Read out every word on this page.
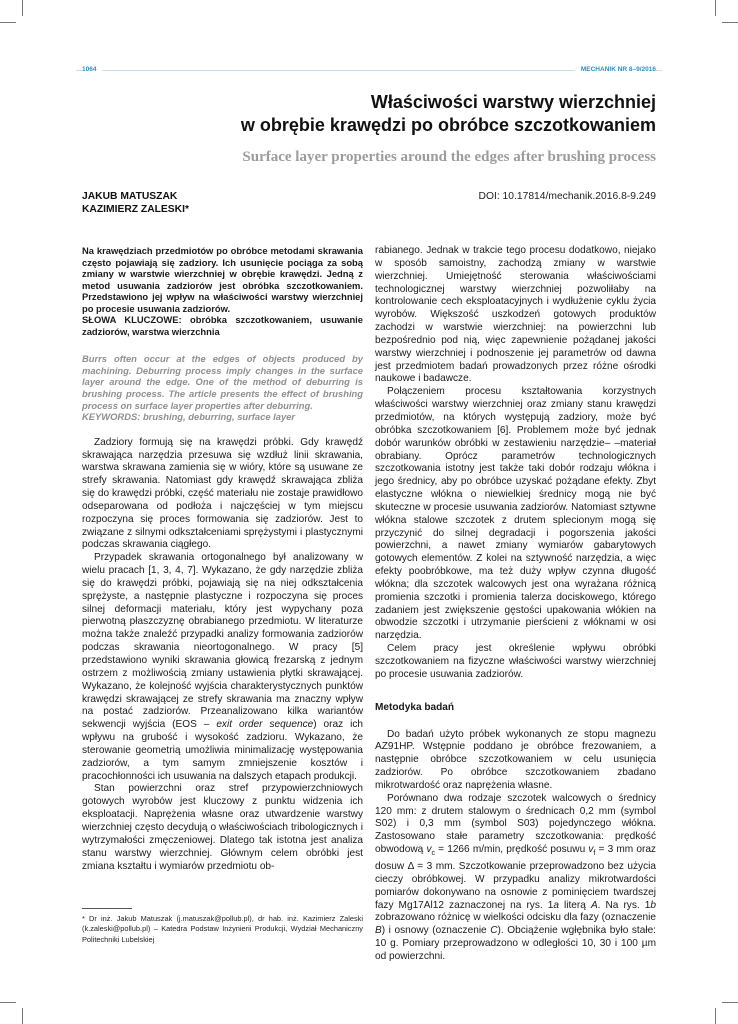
1064	MECHANIK NR 8–9/2016
Właściwości warstwy wierzchniej
w obrębie krawędzi po obróbce szczotkowaniem
Surface layer properties around the edges after brushing process
JAKUB MATUSZAK
KAZIMIERZ ZALESKI*
DOI: 10.17814/mechanik.2016.8-9.249

Na krawędziach przedmiotów po obróbce metodami skrawania często pojawiają się zadziory. Ich usunięcie pociąga za sobą zmiany w warstwie wierzchniej w obrębie krawędzi. Jedną z metod usuwania zadziorów jest obróbka szczotkowaniem. Przedstawiono jej wpływ na właściwości warstwy wierzchniej po procesie usuwania zadziorów.

SŁOWA KLUCZOWE: obróbka szczotkowaniem, usuwanie zadziorów, warstwa wierzchnia

Burrs often occur at the edges of objects produced by machining. Deburring process imply changes in the surface layer around the edge. One of the method of deburring is brushing process. The article presents the effect of brushing process on surface layer properties after deburring.

KEYWORDS: brushing, deburring, surface layer

Zadziory formują się na krawędzi próbki. Gdy krawędź skrawająca narzędzia przesuwa się wzdłuż linii skrawania, warstwa skrawana zamienia się w wióry, które są usuwane ze strefy skrawania. Natomiast gdy krawędź skrawająca zbliża się do krawędzi próbki, część materiału nie zostaje prawidłowo odseparowana od podłoża i najczęściej w tym miejscu rozpoczyna się proces formowania się zadziorów. Jest to związane z silnymi odkształceniami sprężystymi i plastycznymi podczas skrawania ciągłego.

Przypadek skrawania ortogonalnego był analizowany w wielu pracach [1, 3, 4, 7]. Wykazano, że gdy narzędzie zbliża się do krawędzi próbki, pojawiają się na niej odkształcenia sprężyste, a następnie plastyczne i rozpoczyna się proces silnej deformacji materiału, który jest wypychany poza pierwotną płaszczyznę obrabianego przedmiotu. W literaturze można także znaleźć przypadki analizy formowania zadziorów podczas skrawania nieortogonalnego. W pracy [5] przedstawiono wyniki skrawania głowicą frezarską z jednym ostrzem z możliwością zmiany ustawienia płytki skrawającej. Wykazano, że kolejność wyjścia charakterystycznych punktów krawędzi skrawającej ze strefy skrawania ma znaczny wpływ na postać zadziorów. Przeanalizowano kilka wariantów sekwencji wyjścia (EOS – exit order sequence) oraz ich wpływu na grubość i wysokość zadzioru. Wykazano, że sterowanie geometrią umożliwia minimalizację występowania zadziorów, a tym samym zmniejszenie kosztów i pracochłonności ich usuwania na dalszych etapach produkcji.

Stan powierzchni oraz stref przypowierzchniowych gotowych wyrobów jest kluczowy z punktu widzenia ich eksploatacji. Naprężenia własne oraz utwardzenie warstwy wierzchniej często decydują o właściwościach tribologicznych i wytrzymałości zmęczeniowej. Dlatego tak istotna jest analiza stanu warstwy wierzchniej. Głównym celem obróbki jest zmiana kształtu i wymiarów przedmiotu ob-

* Dr inż. Jakub Matuszak (j.matuszak@pollub.pl), dr hab. inż. Kazimierz Zaleski (k.zaleski@pollub.pl) – Katedra Podstaw Inżynierii Produkcji, Wydział Mechaniczny Politechniki Lubelskiej

rabianego. Jednak w trakcie tego procesu dodatkowo, niejako w sposób samoistny, zachodzą zmiany w warstwie wierzchniej. Umiejętność sterowania właściwościami technologicznej warstwy wierzchniej pozwoliłaby na kontrolowanie cech eksploatacyjnych i wydłużenie cyklu życia wyrobów. Większość uszkodzeń gotowych produktów zachodzi w warstwie wierzchniej: na powierzchni lub bezpośrednio pod nią, więc zapewnienie pożądanej jakości warstwy wierzchniej i podnoszenie jej parametrów od dawna jest przedmiotem badań prowadzonych przez różne ośrodki naukowe i badawcze.

Połączeniem procesu kształtowania korzystnych właściwości warstwy wierzchniej oraz zmiany stanu krawędzi przedmiotów, na których występują zadziory, może być obróbka szczotkowaniem [6]. Problemem może być jednak dobór warunków obróbki w zestawieniu narzędzie– –materiał obrabiany. Oprócz parametrów technologicznych szczotkowania istotny jest także taki dobór rodzaju włókna i jego średnicy, aby po obróbce uzyskać pożądane efekty. Zbyt elastyczne włókna o niewielkiej średnicy mogą nie być skuteczne w procesie usuwania zadziorów. Natomiast sztywne włókna stalowe szczotek z drutem splecionym mogą się przyczynić do silnej degradacji i pogorszenia jakości powierzchni, a nawet zmiany wymiarów gabarytowych gotowych elementów. Z kolei na sztywność narzędzia, a więc efekty poobróbkowe, ma też duży wpływ czynna długość włókna; dla szczotek walcowych jest ona wyrażana różnicą promienia szczotki i promienia talerza dociskowego, którego zadaniem jest zwiększenie gęstości upakowania włókien na obwodzie szczotki i utrzymanie pierścieni z włóknami w osi narzędzia.

Celem pracy jest określenie wpływu obróbki szczotkowaniem na fizyczne właściwości warstwy wierzchniej po procesie usuwania zadziorów.

Metodyka badań

Do badań użyto próbek wykonanych ze stopu magnezu AZ91HP. Wstępnie poddano je obróbce frezowaniem, a następnie obróbce szczotkowaniem w celu usunięcia zadziorów. Po obróbce szczotkowaniem zbadano mikrotwardość oraz naprężenia własne.

Porównano dwa rodzaje szczotek walcowych o średnicy 120 mm: z drutem stalowym o średnicach 0,2 mm (symbol S02) i 0,3 mm (symbol S03) pojedynczego włókna. Zastosowano stałe parametry szczotkowania: prędkość obwodową $v_c = 1266$ m/min, prędkość posuwu $v_f = 3$ mm oraz dosuw Δ = 3 mm. Szczotkowanie przeprowadzono bez użycia cieczy obróbkowej. W przypadku analizy mikrotwardości pomiarów dokonywano na osnowie z pominięciem twardszej fazy Mg17Al12 zaznaczonej na rys. 1a literą A. Na rys. 1b zobrazowano różnicę w wielkości odcisku dla fazy (oznaczenie B) i osnowy (oznaczenie C). Obciążenie wgłębnika było stałe: 10 g. Pomiary przeprowadzono w odległości 10, 30 i 100 µm od powierzchni.
